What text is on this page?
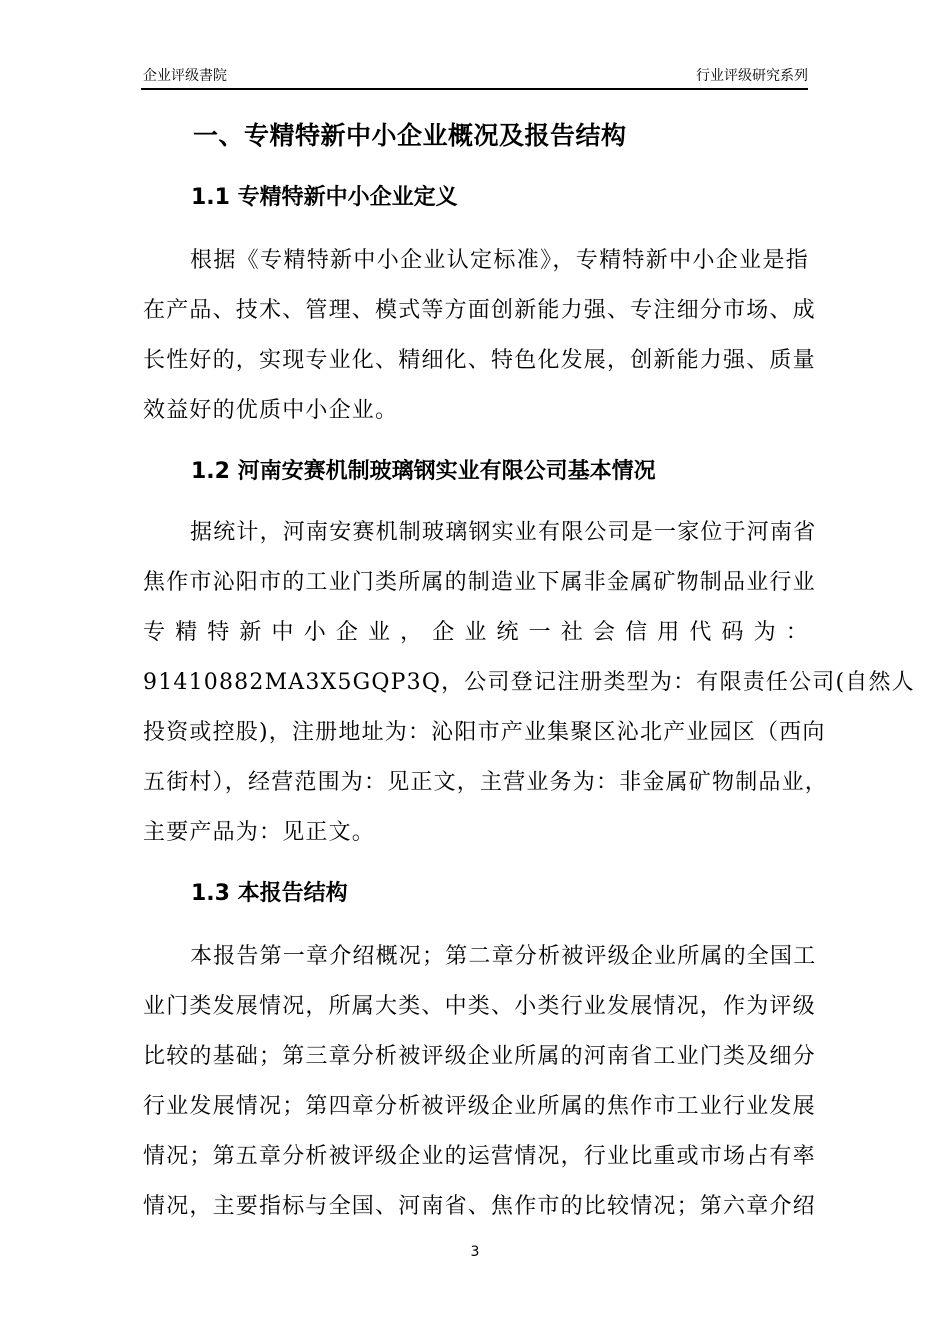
企业评级書院	行业评级研究系列
一、专精特新中小企业概况及报告结构
1.1 专精特新中小企业定义
根据《专精特新中小企业认定标准》，专精特新中小企业是指
在产品、技术、管理、模式等方面创新能力强、专注细分市场、成
长性好的，实现专业化、精细化、特色化发展，创新能力强、质量
效益好的优质中小企业。
1.2 河南安赛机制玻璃钢实业有限公司基本情况
据统计，河南安赛机制玻璃钢实业有限公司是一家位于河南省
焦作市沁阳市的工业门类所属的制造业下属非金属矿物制品业行业
专精特新中小企业，企业统一社会信用代码为：
91410882MA3X5GQP3Q，公司登记注册类型为：有限责任公司(自然人
投资或控股)，注册地址为：沁阳市产业集聚区沁北产业园区（西向
五街村），经营范围为：见正文，主营业务为：非金属矿物制品业，
主要产品为：见正文。
1.3 本报告结构
本报告第一章介绍概况；第二章分析被评级企业所属的全国工
业门类发展情况，所属大类、中类、小类行业发展情况，作为评级
比较的基础；第三章分析被评级企业所属的河南省工业门类及细分
行业发展情况；第四章分析被评级企业所属的焦作市工业行业发展
情况；第五章分析被评级企业的运营情况，行业比重或市场占有率
情况，主要指标与全国、河南省、焦作市的比较情况；第六章介绍
3
